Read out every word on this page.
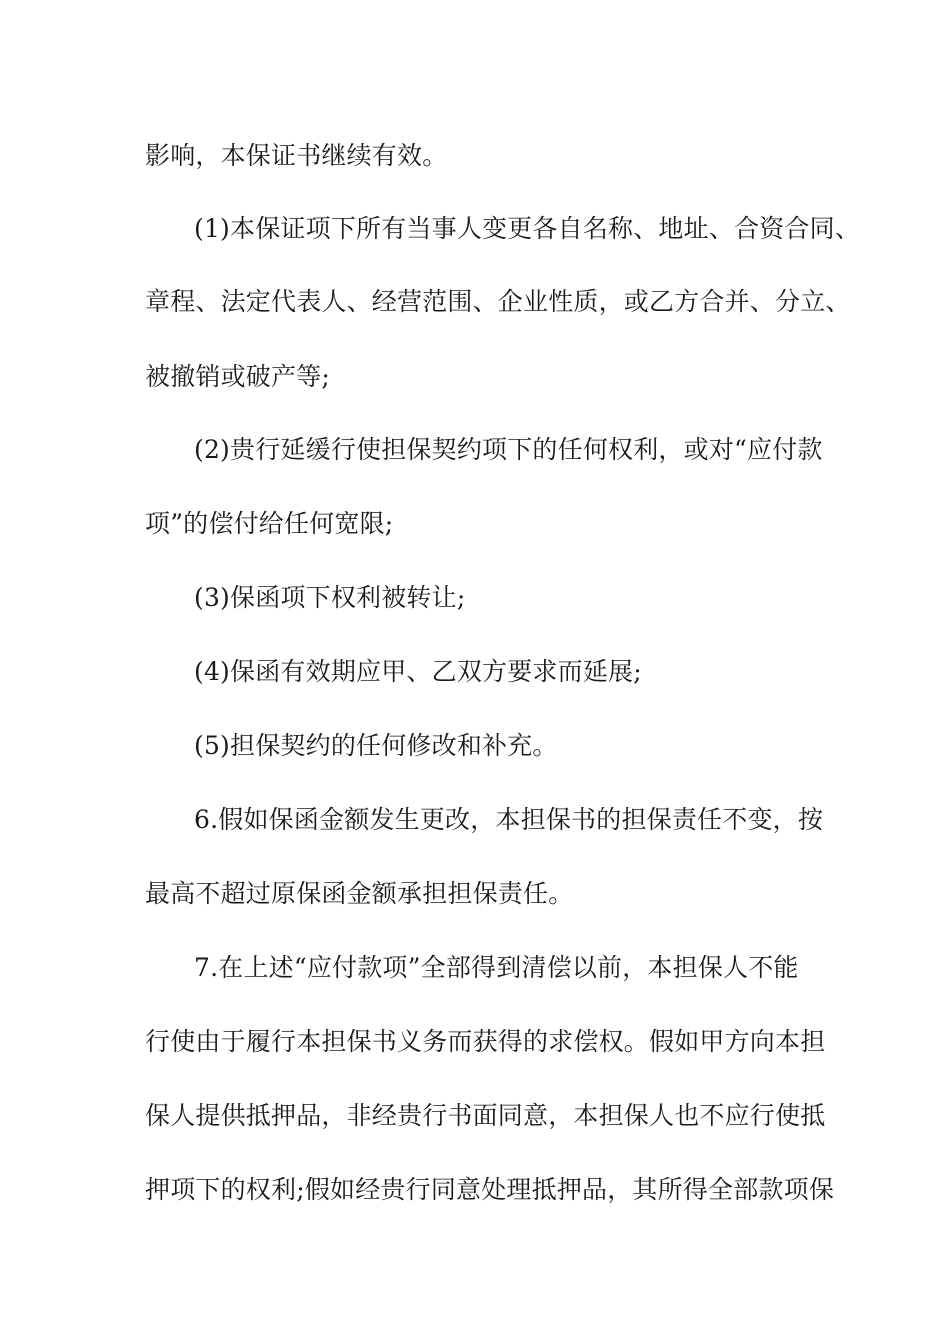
影响，本保证书继续有效。
(1)本保证项下所有当事人变更各自名称、地址、合资合同、
章程、法定代表人、经营范围、企业性质，或乙方合并、分立、
被撤销或破产等;
(2)贵行延缓行使担保契约项下的任何权利，或对“应付款
项”的偿付给任何宽限;
(3)保函项下权利被转让;
(4)保函有效期应甲、乙双方要求而延展;
(5)担保契约的任何修改和补充。
6.假如保函金额发生更改，本担保书的担保责任不变，按
最高不超过原保函金额承担担保责任。
7.在上述“应付款项”全部得到清偿以前，本担保人不能
行使由于履行本担保书义务而获得的求偿权。假如甲方向本担
保人提供抵押品，非经贵行书面同意，本担保人也不应行使抵
押项下的权利;假如经贵行同意处理抵押品，其所得全部款项保
